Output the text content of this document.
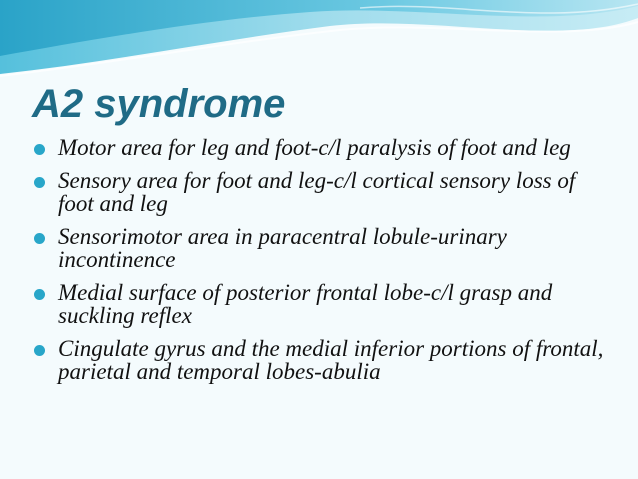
A2 syndrome
Motor area for leg and foot-c/l paralysis of foot and leg
Sensory area for foot and leg-c/l cortical sensory loss of foot and leg
Sensorimotor area in paracentral lobule-urinary incontinence
Medial surface of posterior frontal lobe-c/l grasp and suckling reflex
Cingulate gyrus and the medial inferior portions of frontal, parietal and temporal lobes-abulia
